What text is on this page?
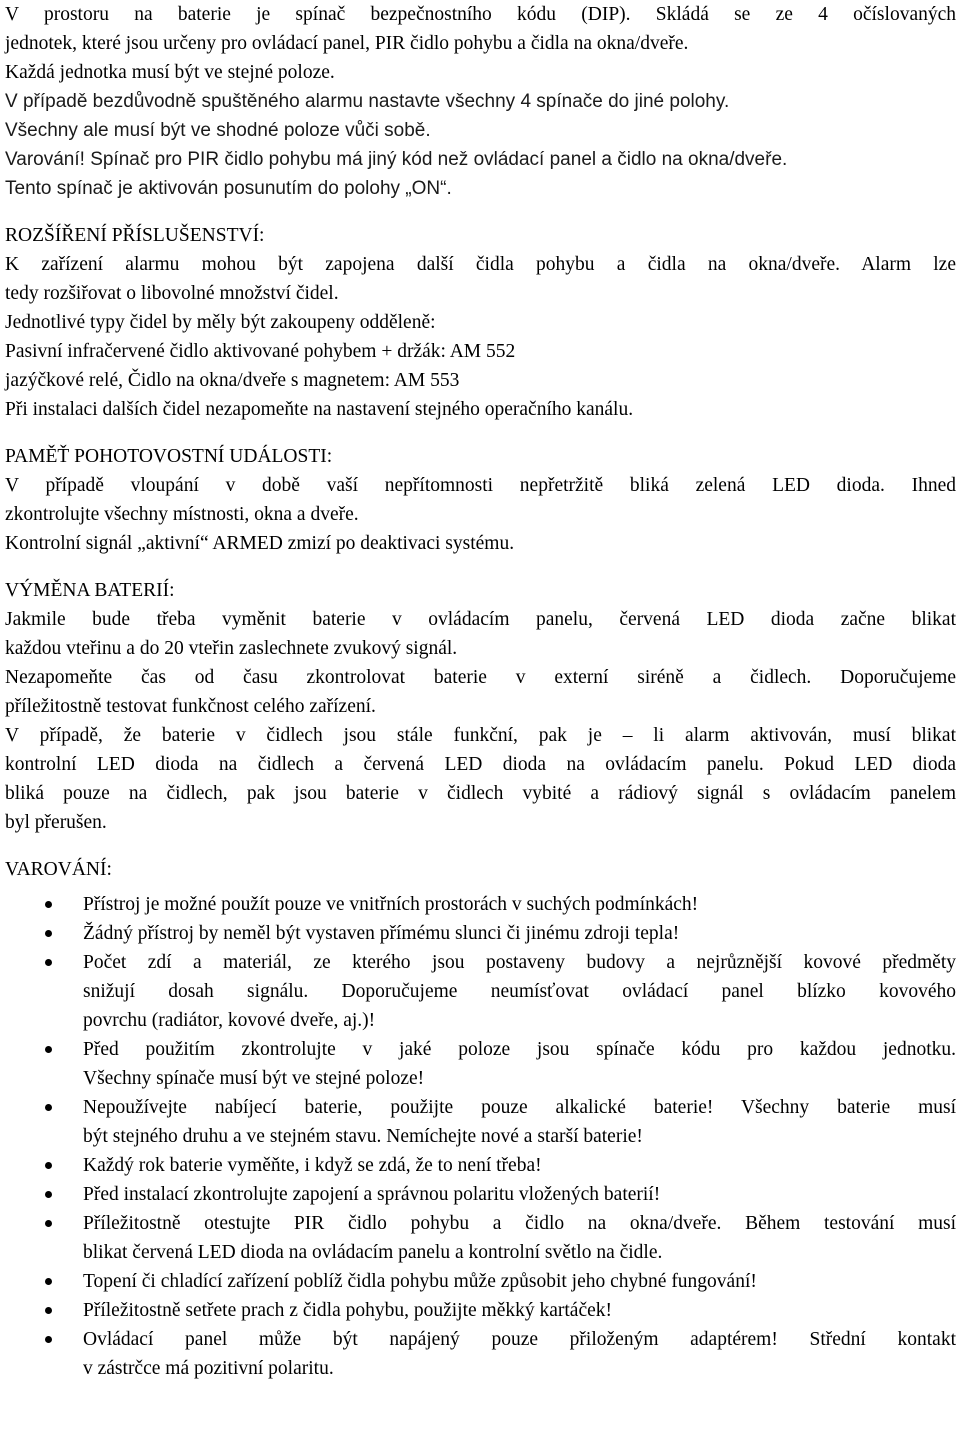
V prostoru na baterie je spínač bezpečnostního kódu (DIP). Skládá se ze 4 očíslovaných
jednotek, které jsou určeny pro ovládací panel, PIR čidlo pohybu a čidla na okna/dveře.
Každá jednotka musí být ve stejné poloze.
V případě bezdůvodně spuštěného alarmu nastavte všechny 4 spínače do jiné polohy.
Všechny ale musí být ve shodné poloze vůči sobě.
Varování! Spínač pro PIR čidlo pohybu má jiný kód než ovládací panel a čidlo na okna/dveře.
Tento spínač je aktivován posunutím do polohy „ON“.
ROZŠÍŘENÍ PŘÍSLUŠENSTVÍ:
K zařízení alarmu mohou být zapojena další čidla pohybu a čidla na okna/dveře. Alarm lze
tedy rozšiřovat o libovolné množství čidel.
Jednotlivé typy čidel by měly být zakoupeny odděleně:
Pasivní infračervené čidlo aktivované pohybem + držák: AM 552
jazýčkové relé, Čidlo na okna/dveře s magnetem: AM 553
Při instalaci dalších čidel nezapomeňte na nastavení stejného operačního kanálu.
PAMĚŤ POHOTOVOSTNÍ UDÁLOSTI:
V případě vloupání v době vaší nepřítomnosti nepřetržitě bliká zelená LED dioda. Ihned
zkontrolujte všechny místnosti, okna a dveře.
Kontrolní signál „aktivní“ ARMED zmizí po deaktivaci systému.
VÝMĚNA BATERIÍ:
Jakmile bude třeba vyměnit baterie v ovládacím panelu, červená LED dioda začne blikat
každou vteřinu a do 20 vteřin zaslechnete zvukový signál.
Nezapomeňte čas od času zkontrolovat baterie v externí siréně a čidlech. Doporučujeme
příležitostně testovat funkčnost celého zařízení.
V případě, že baterie v čidlech jsou stále funkční, pak je – li alarm aktivován, musí blikat
kontrolní LED dioda na čidlech a červená LED dioda na ovládacím panelu. Pokud LED dioda
bliká pouze na čidlech, pak jsou baterie v čidlech vybité a rádiový signál s ovládacím panelem
byl přerušen.
VAROVÁNÍ:
Přístroj je možné použít pouze ve vnitřních prostorách v suchých podmínkách!
Žádný přístroj by neměl být vystaven přímému slunci či jinému zdroji tepla!
Počet zdí a materiál, ze kterého jsou postaveny budovy a nejrůznější kovové předměty
snižují dosah signálu. Doporučujeme neumísťovat ovládací panel blízko kovového
povrchu (radiátor, kovové dveře, aj.)!
Před použitím zkontrolujte v jaké poloze jsou spínače kódu pro každou jednotku.
Všechny spínače musí být ve stejné poloze!
Nepoužívejte nabíjecí baterie, použijte pouze alkalické baterie! Všechny baterie musí
být stejného druhu a ve stejném stavu. Nemíchejte nové a starší baterie!
Každý rok baterie vyměňte, i když se zdá, že to není třeba!
Před instalací zkontrolujte zapojení a správnou polaritu vložených baterií!
Příležitostně otestujte PIR čidlo pohybu a čidlo na okna/dveře. Během testování musí
blikat červená LED dioda na ovládacím panelu a kontrolní světlo na čidle.
Topení či chladící zařízení poblíž čidla pohybu může způsobit jeho chybné fungování!
Příležitostně setřete prach z čidla pohybu, použijte měkký kartáček!
Ovládací panel může být napájený pouze přiloženým adaptérem! Střední kontakt
v zástrčce má pozitivní polaritu.
